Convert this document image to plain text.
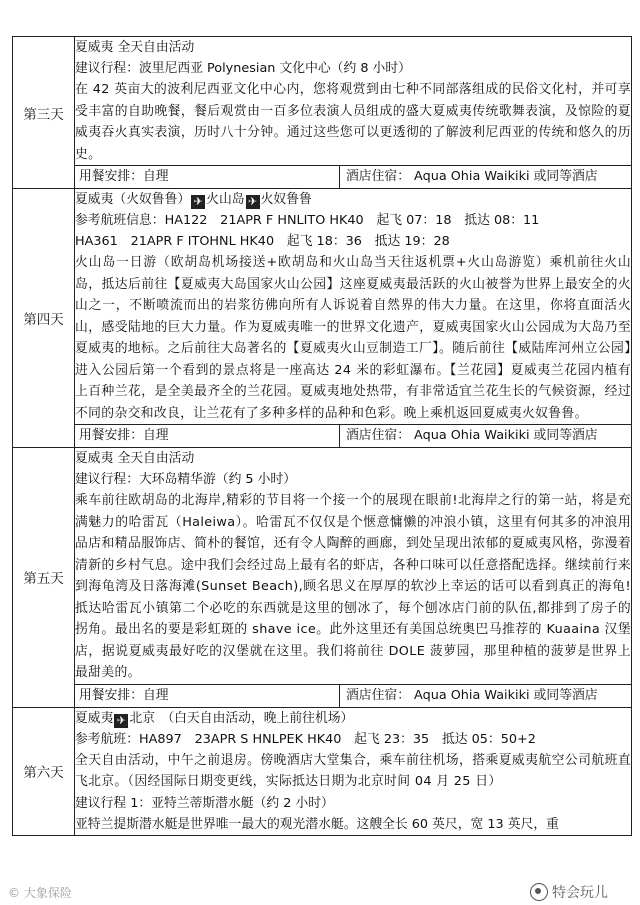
第三天	夏威夷 全天自由活动
建议行程：波里尼西亚 Polynesian 文化中心（约 8 小时）
在 42 英亩大的波利尼西亚文化中心内，您将观赏到由七种不同部落组成的民俗文化村，并可享受丰富的自助晚餐，餐后观赏由一百多位表演人员组成的盛大夏威夷传统歌舞表演，及惊险的夏威夷吞火真实表演，历时八十分钟。通过这些您可以更透彻的了解波利尼西亚的传统和悠久的历史。

	用餐安排：自理 酒店住宿： Aqua Ohia Waikiki 或同等酒店

第四天	夏威夷（火奴鲁鲁） ✈ 火山岛 ✈ 火奴鲁鲁
参考航班信息：HA122　21APR F HNLITO HK40　起飞 07：18　抵达 08：11
HA361　21APR F ITOHNL HK40　起飞 18：36　抵达 19：28
火山岛一日游（欧胡岛机场接送+欧胡岛和火山岛当天往返机票+火山岛游览）乘机前往火山岛，抵达后前往【夏威夷大岛国家火山公园】这座夏威夷最活跃的火山被誉为世界上最安全的火山之一，不断喷流而出的岩浆彷佛向所有人诉说着自然界的伟大力量。在这里，你将直面活火山，感受陆地的巨大力量。作为夏威夷唯一的世界文化遗产，夏威夷国家火山公园成为大岛乃至夏威夷的地标。之后前往大岛著名的【夏威夷火山豆制造工厂】。随后前往【威陆库河州立公园】进入公园后第一个看到的景点将是一座高达 24 米的彩虹瀑布。【兰花园】夏威夷兰花园内植有上百种兰花，是全美最齐全的兰花园。夏威夷地处热带，有非常适宜兰花生长的气候资源，经过不同的杂交和改良，让兰花有了多种多样的品种和色彩。晚上乘机返回夏威夷火奴鲁鲁。

	用餐安排：自理 酒店住宿： Aqua Ohia Waikiki 或同等酒店

第五天	夏威夷 全天自由活动
建议行程：大环岛精华游（约 5 小时）
乘车前往欧胡岛的北海岸,精彩的节目将一个接一个的展现在眼前!北海岸之行的第一站，将是充满魅力的哈雷瓦（Haleiwa）。哈雷瓦不仅仅是个惬意慵懒的冲浪小镇，这里有何其多的冲浪用品店和精品服饰店、简朴的餐馆，还有令人陶醉的画廊，到处呈现出浓郁的夏威夷风格，弥漫着清新的乡村气息。途中我们会经过岛上最有名的虾店，各种口味可以任意搭配选择。继续前行来到海龟湾及日落海滩(Sunset Beach),顾名思义在厚厚的软沙上幸运的话可以看到真正的海龟!抵达哈雷瓦小镇第二个必吃的东西就是这里的刨冰了，每个刨冰店门前的队伍,都排到了房子的拐角。最出名的要是彩虹斑的 shave ice。此外这里还有美国总统奥巴马推荐的 Kuaaina 汉堡店，据说夏威夷最好吃的汉堡就在这里。我们将前往 DOLE 菠萝园，那里种植的菠萝是世界上最甜美的。

	用餐安排：自理 酒店住宿： Aqua Ohia Waikiki 或同等酒店

第六天	夏威夷 ✈ 北京　 （白天自由活动，晚上前往机场）
参考航班：HA897　23APR S HNLPEK HK40　起飞 23：35　抵达 05：50+2
全天自由活动，中午之前退房。傍晚酒店大堂集合，乘车前往机场，搭乘夏威夷航空公司航班直飞北京。（因经国际日期变更线，实际抵达日期为北京时间 04 月 25 日）
建议行程 1：亚特兰蒂斯潜水艇（约 2 小时）
亚特兰提斯潜水艇是世界唯一最大的观光潜水艇。这艘全长 60 英尺，宽 13 英尺，重
© 大象保险	特会玩儿
